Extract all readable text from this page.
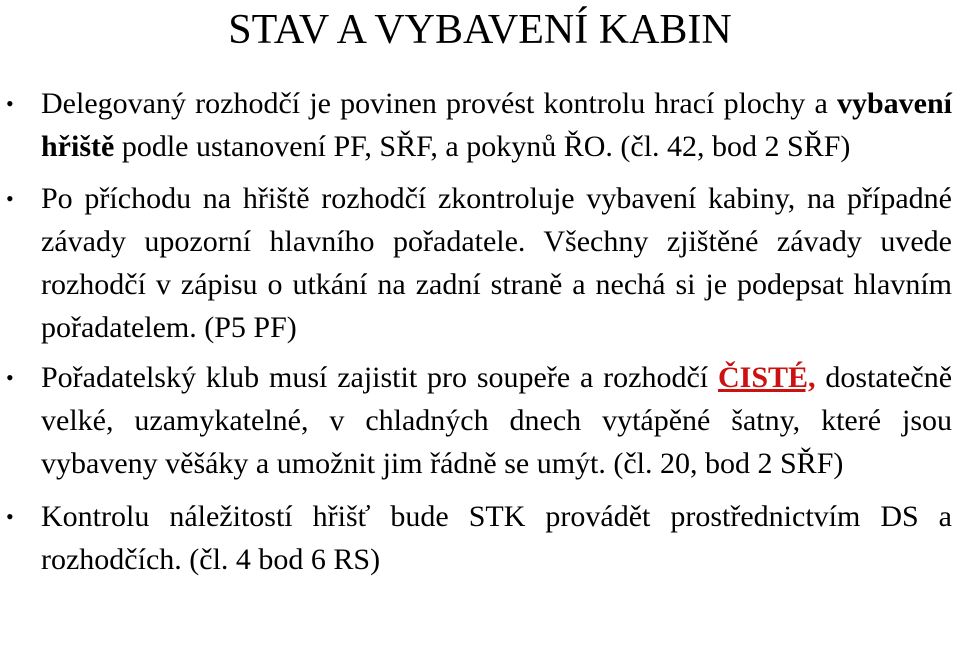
STAV A VYBAVENÍ KABIN
• Delegovaný rozhodčí je povinen provést kontrolu hrací plochy a vybavení hřiště podle ustanovení PF, SŘF, a pokynů ŘO. (čl. 42, bod 2 SŘF)
• Po příchodu na hřiště rozhodčí zkontroluje vybavení kabiny, na případné závady upozorní hlavního pořadatele. Všechny zjištěné závady uvede rozhodčí v zápisu o utkání na zadní straně a nechá si je podepsat hlavním pořadatelem. (P5 PF)
• Pořadatelský klub musí zajistit pro soupeře a rozhodčí ČISTÉ, dostatečně velké, uzamykatelné, v chladných dnech vytápěné šatny, které jsou vybaveny věšáky a umožnit jim řádně se umýt. (čl. 20, bod 2 SŘF)
• Kontrolu náležitostí hřišť bude STK provádět prostřednictvím DS a rozhodčích. (čl. 4 bod 6 RS)
